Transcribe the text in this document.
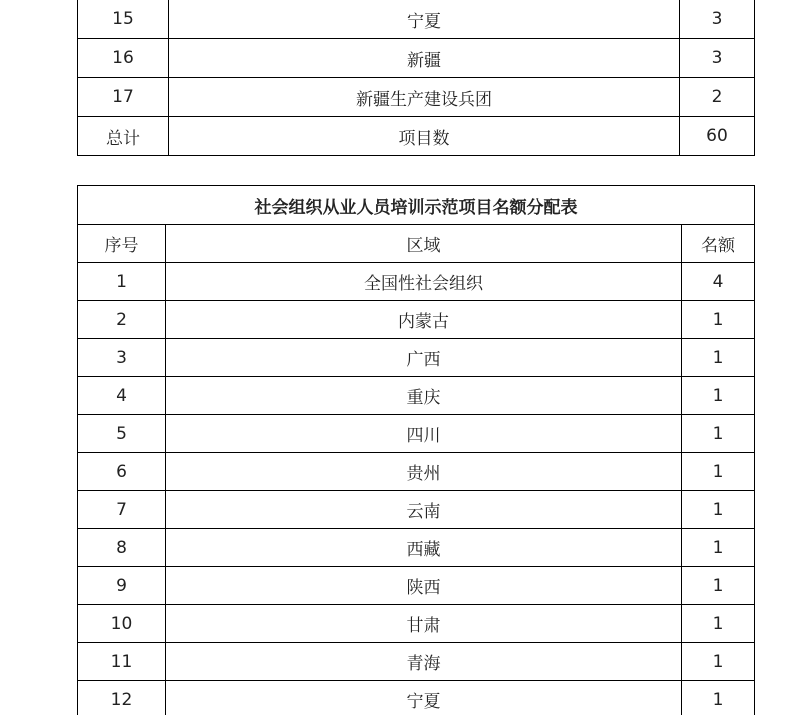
15	宁夏	3
16	新疆	3
17	新疆生产建设兵团	2
总计	项目数	60
社会组织从业人员培训示范项目名额分配表		
序号	区域	名额
1	全国性社会组织	4
2	内蒙古	1
3	广西	1
4	重庆	1
5	四川	1
6	贵州	1
7	云南	1
8	西藏	1
9	陕西	1
10	甘肃	1
11	青海	1
12	宁夏	1
